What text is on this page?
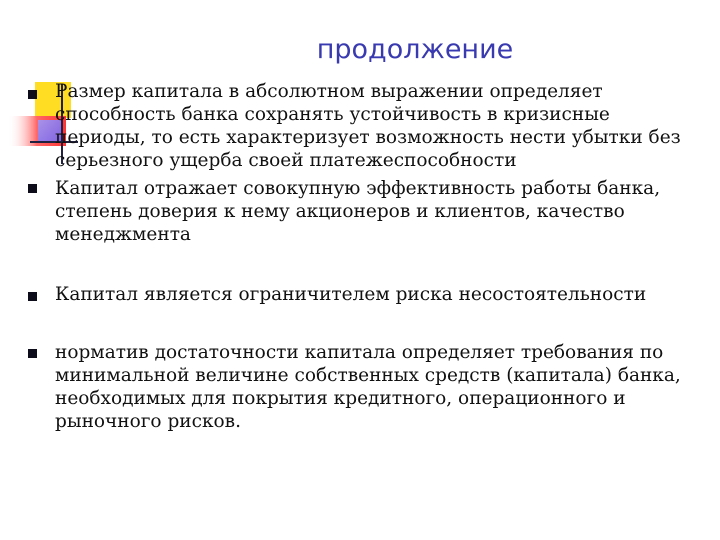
продолжение

Размер капитала в абсолютном выражении определяет способность банка сохранять устойчивость в кризисные периоды, то есть характеризует возможность нести убытки без серьезного ущерба своей платежеспособности

Капитал отражает совокупную эффективность работы банка, степень доверия к нему акционеров и клиентов, качество менеджмента

Капитал является ограничителем риска несостоятельности

норматив достаточности капитала определяет требования по минимальной величине собственных средств (капитала) банка, необходимых для покрытия кредитного, операционного и рыночного рисков.
